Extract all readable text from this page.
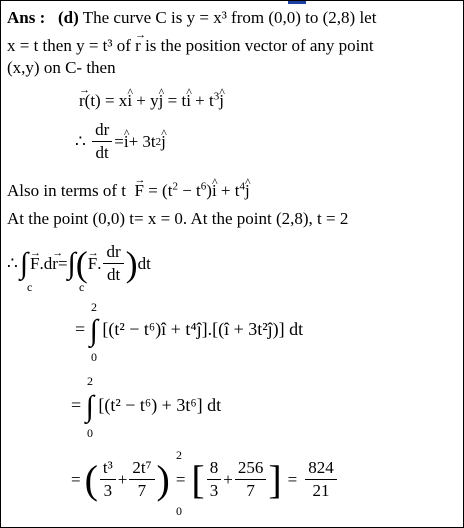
Ans : (d) The curve C is y = x³ from (0,0) to (2,8) let
x = t then y = t³ of → r is the position vector of any point
(x,y) on C- then
→ r(t) = x^ i + y^ j = t^ $i + t^3\^{}$ j
∴
$\frac{dr}{dt}$ = ^ i + 3t 2 ^ j
Also in terms of $t \to F = (t^2$ − $t^6)\^{}$ $i + t^4\^{}$ j
At the point (0,0) t= x = 0. At the point (2,8), t = 2
∴ ∫ → F .d → r = ∫ ( → F . $\frac{dr}{dt}$ ) dt
c	c
2
= ∫ [(t² − t⁶)î + t⁴ĵ].[(î + 3t²ĵ)] dt
0
2
= ∫ [(t² − t⁶) + 3t⁶] dt
0
2
= ( $\frac{\text{t³}}{3} + \frac{\text{2t⁷}}{7}$ ) = [ $\frac{8}{3} + \frac{256}{7}$ ] = $\frac{824}{21}$
0
